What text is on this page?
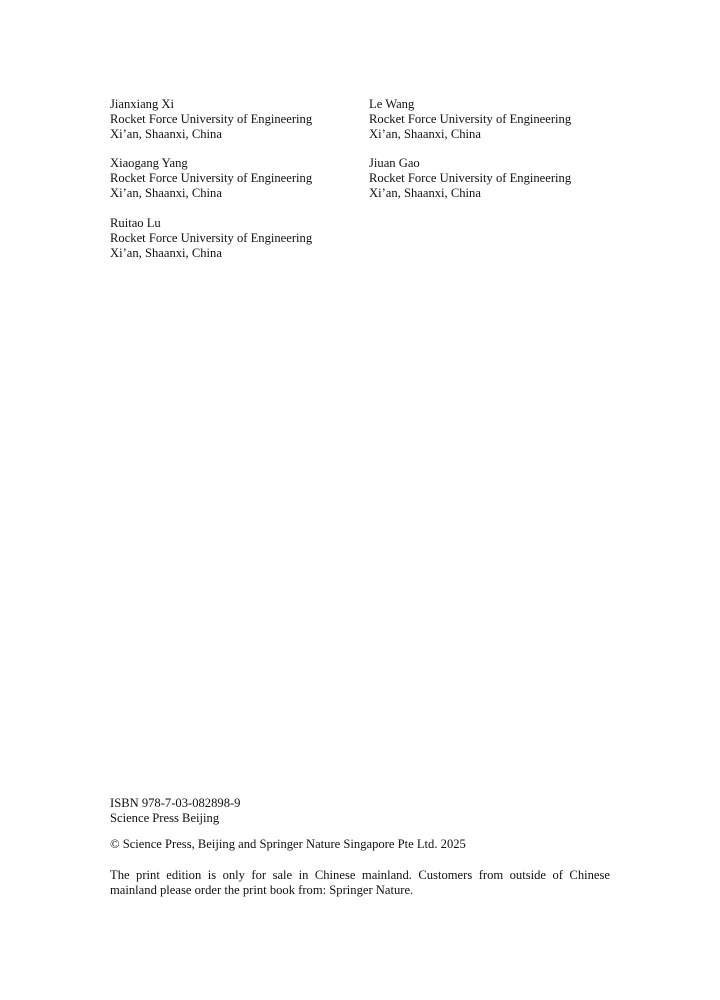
Jianxiang Xi
Rocket Force University of Engineering
Xi’an, Shaanxi, China
Le Wang
Rocket Force University of Engineering
Xi’an, Shaanxi, China
Xiaogang Yang
Rocket Force University of Engineering
Xi’an, Shaanxi, China
Jiuan Gao
Rocket Force University of Engineering
Xi’an, Shaanxi, China
Ruitao Lu
Rocket Force University of Engineering
Xi’an, Shaanxi, China
ISBN 978-7-03-082898-9
Science Press Beijing
© Science Press, Beijing and Springer Nature Singapore Pte Ltd. 2025
The print edition is only for sale in Chinese mainland. Customers from outside of Chinese mainland please order the print book from: Springer Nature.
